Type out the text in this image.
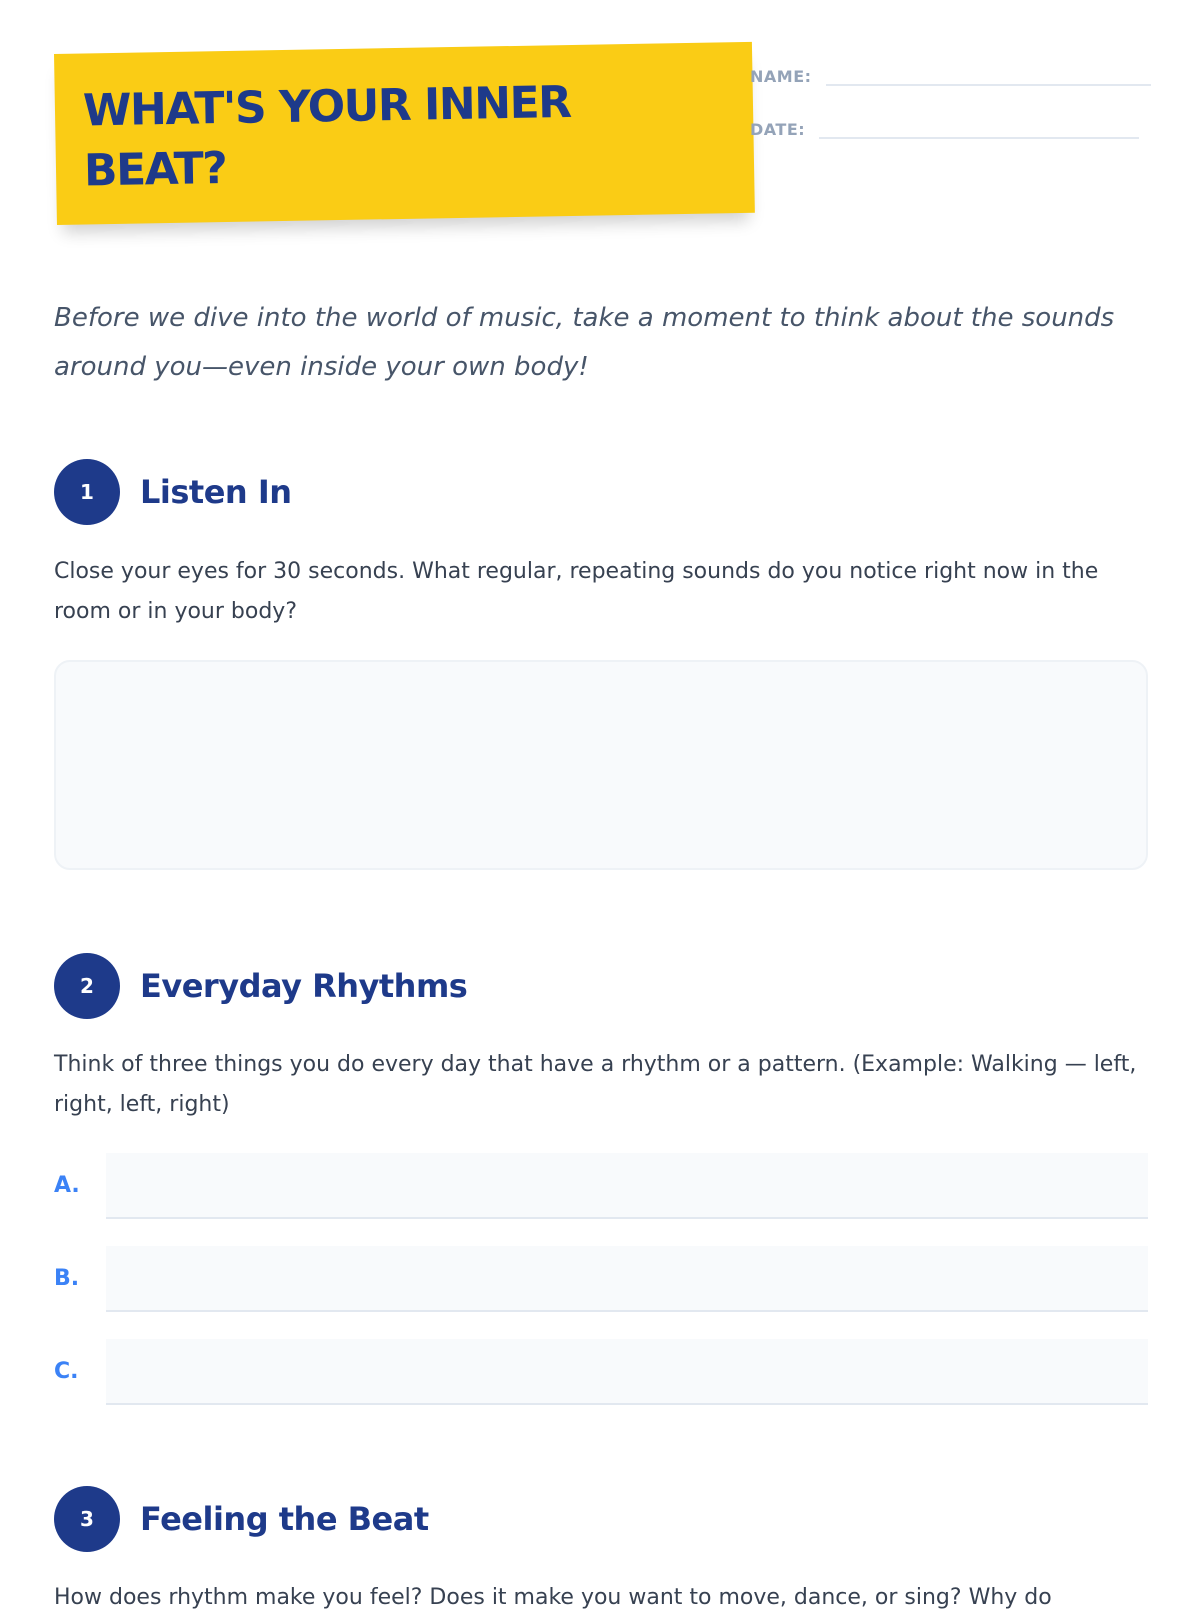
WHAT'S YOUR INNER BEAT?
NAME:
DATE:

Before we dive into the world of music, take a moment to think about the sounds around you—even inside your own body!

1	Listen In

Close your eyes for 30 seconds. What regular, repeating sounds do you notice right now in the room or in your body?

2	Everyday Rhythms

Think of three things you do every day that have a rhythm or a pattern. (Example: Walking — left, right, left, right)

A.
B.
C.
3	Feeling the Beat

How does rhythm make you feel? Does it make you want to move, dance, or sing? Why do
